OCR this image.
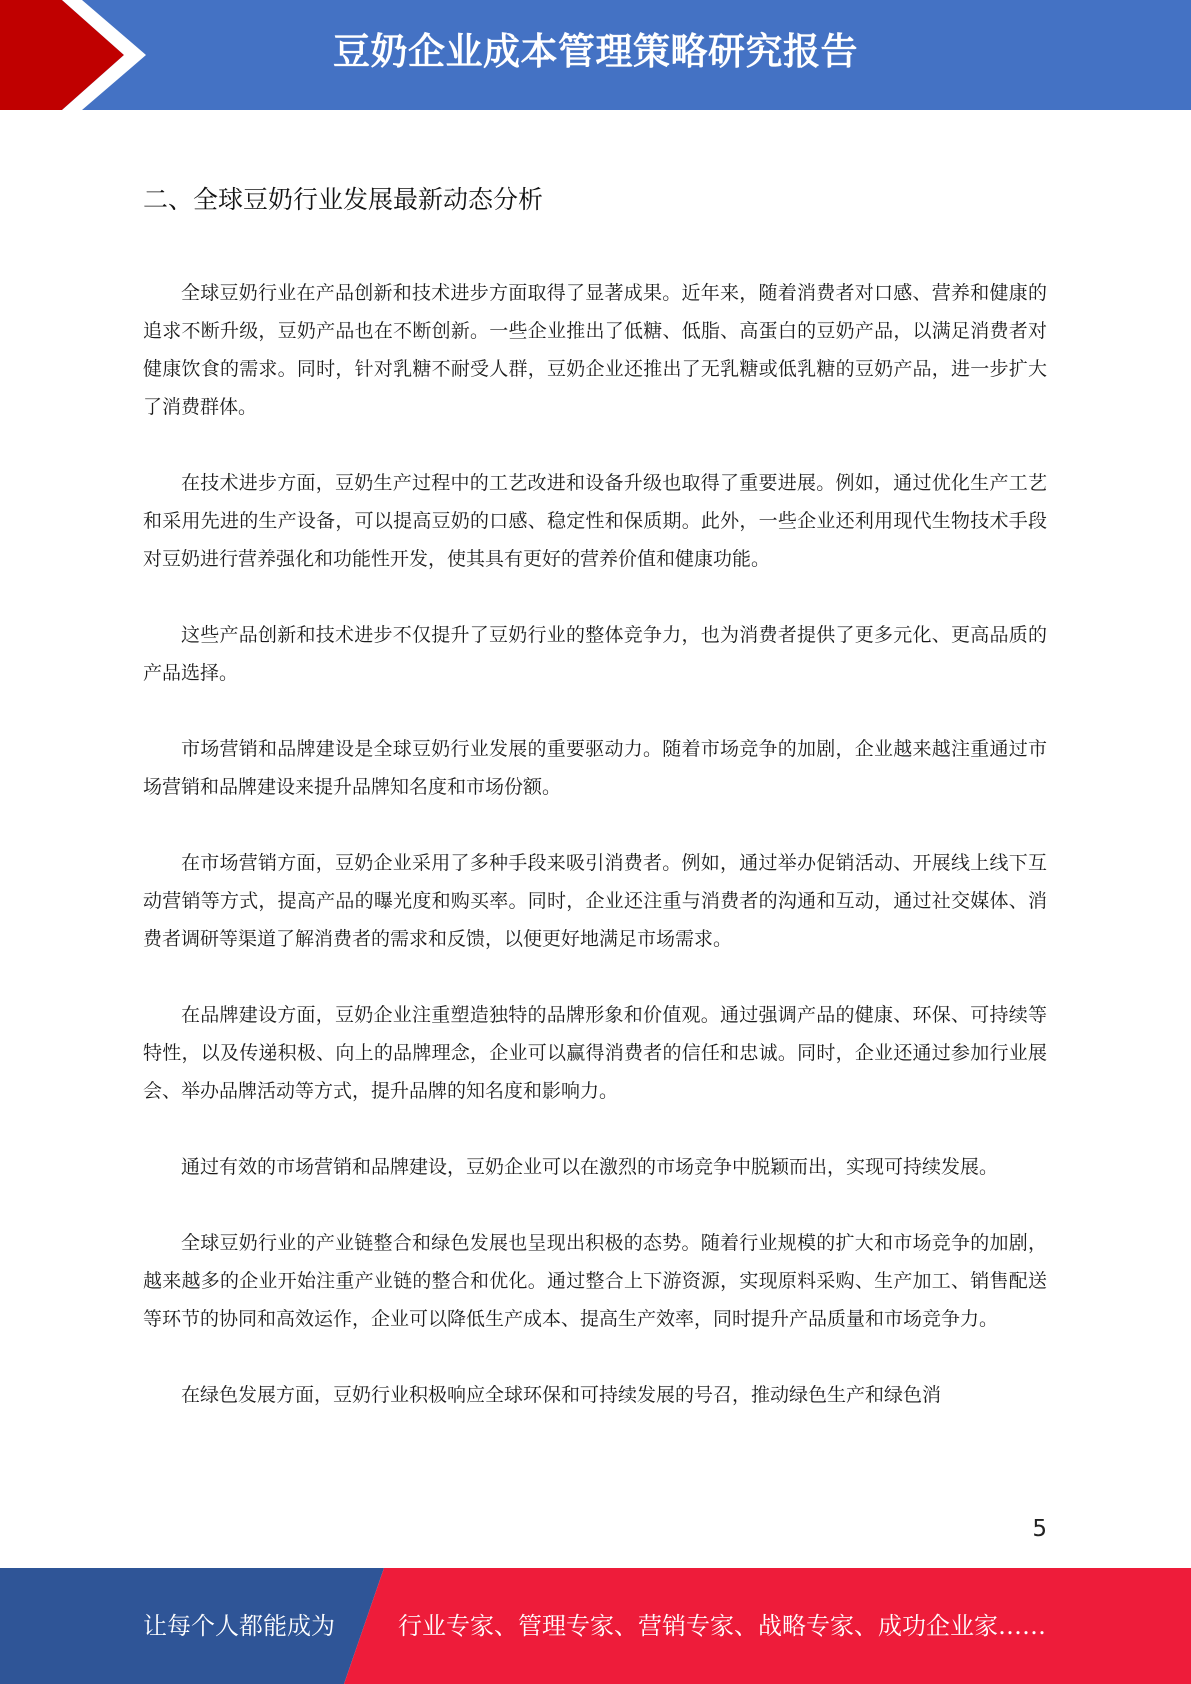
豆奶企业成本管理策略研究报告
二、全球豆奶行业发展最新动态分析

全球豆奶行业在产品创新和技术进步方面取得了显著成果。近年来，随着消费者对口感、营养和健康的追求不断升级，豆奶产品也在不断创新。一些企业推出了低糖、低脂、高蛋白的豆奶产品，以满足消费者对健康饮食的需求。同时，针对乳糖不耐受人群，豆奶企业还推出了无乳糖或低乳糖的豆奶产品，进一步扩大了消费群体。

在技术进步方面，豆奶生产过程中的工艺改进和设备升级也取得了重要进展。例如，通过优化生产工艺和采用先进的生产设备，可以提高豆奶的口感、稳定性和保质期。此外，一些企业还利用现代生物技术手段对豆奶进行营养强化和功能性开发，使其具有更好的营养价值和健康功能。

这些产品创新和技术进步不仅提升了豆奶行业的整体竞争力，也为消费者提供了更多元化、更高品质的产品选择。

市场营销和品牌建设是全球豆奶行业发展的重要驱动力。随着市场竞争的加剧，企业越来越注重通过市场营销和品牌建设来提升品牌知名度和市场份额。

在市场营销方面，豆奶企业采用了多种手段来吸引消费者。例如，通过举办促销活动、开展线上线下互动营销等方式，提高产品的曝光度和购买率。同时，企业还注重与消费者的沟通和互动，通过社交媒体、消费者调研等渠道了解消费者的需求和反馈，以便更好地满足市场需求。

在品牌建设方面，豆奶企业注重塑造独特的品牌形象和价值观。通过强调产品的健康、环保、可持续等特性，以及传递积极、向上的品牌理念，企业可以赢得消费者的信任和忠诚。同时，企业还通过参加行业展会、举办品牌活动等方式，提升品牌的知名度和影响力。

通过有效的市场营销和品牌建设，豆奶企业可以在激烈的市场竞争中脱颖而出，实现可持续发展。

全球豆奶行业的产业链整合和绿色发展也呈现出积极的态势。随着行业规模的扩大和市场竞争的加剧，越来越多的企业开始注重产业链的整合和优化。通过整合上下游资源，实现原料采购、生产加工、销售配送等环节的协同和高效运作，企业可以降低生产成本、提高生产效率，同时提升产品质量和市场竞争力。

在绿色发展方面，豆奶行业积极响应全球环保和可持续发展的号召，推动绿色生产和绿色消

5
让每个人都能成为	行业专家、管理专家、营销专家、战略专家、成功企业家……
